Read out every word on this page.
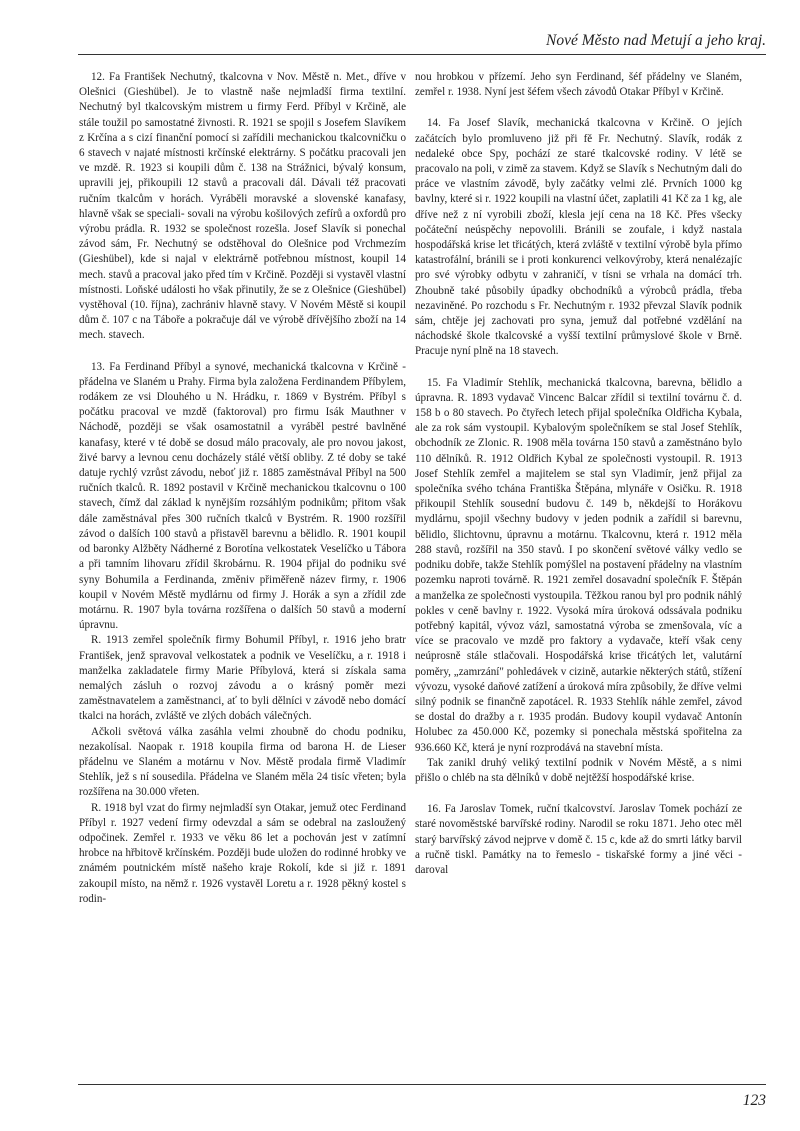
Nové Město nad Metují a jeho kraj.

12. Fa František Nechutný, tkalcovna v Nov. Městě n. Met., dříve v Olešnici (Gieshübel). Je to vlastně naše nejmladší firma textilní. Nechutný byl tkalcovským mistrem u firmy Ferd. Příbyl v Krčině, ale stále toužil po samostatné živnosti. R. 1921 se spojil s Josefem Slavíkem z Krčína a s cizí finanční pomocí si zařídili mechanickou tkalcovničku o 6 stavech v najaté místnosti krčínské elektrárny. S počátku pracovali jen ve mzdě. R. 1923 si koupili dům č. 138 na Strážnici, bývalý konsum, upravili jej, přikoupili 12 stavů a pracovali dál. Dávali též pracovati ručním tkalcům v horách. Vyráběli moravské a slovenské kanafasy, hlavně však se speciali- sovali na výrobu košilových zefírů a oxfordů pro výrobu prádla. R. 1932 se společnost rozešla. Josef Slavík si ponechal závod sám, Fr. Nechutný se odstěhoval do Olešnice pod Vrchmezím (Gieshübel), kde si najal v elektrárně potřebnou místnost, koupil 14 mech. stavů a pracoval jako před tím v Krčině. Později si vystavěl vlastní místnosti. Loňské události ho však přinutily, že se z Olešnice (Gieshübel) vystěhoval (10. října), zachrániv hlavně stavy. V Novém Městě si koupil dům č. 107 c na Táboře a pokračuje dál ve výrobě dřívějšího zboží na 14 mech. stavech.

13. Fa Ferdinand Příbyl a synové, mechanická tkalcovna v Krčině - přádelna ve Slaném u Prahy. Firma byla založena Ferdinandem Příbylem, rodákem ze vsi Dlouhého u N. Hrádku, r. 1869 v Bystrém. Příbyl s počátku pracoval ve mzdě (faktoroval) pro firmu Isák Mauthner v Náchodě, později se však osamostatnil a vyráběl pestré bavlněné kanafasy, které v té době se dosud málo pracovaly, ale pro novou jakost, živé barvy a levnou cenu docházely stálé větší obliby. Z té doby se také datuje rychlý vzrůst závodu, neboť již r. 1885 zaměstnával Příbyl na 500 ručních tkalců. R. 1892 postavil v Krčině mechanickou tkalcovnu o 100 stavech, čímž dal základ k nynějším rozsáhlým podnikům; přitom však dále zaměstnával přes 300 ručních tkalců v Bystrém. R. 1900 rozšířil závod o dalších 100 stavů a přistavěl barevnu a bělidlo. R. 1901 koupil od baronky Alžběty Nádherné z Borotína velkostatek Veselíčko u Tábora a při tamním lihovaru zřídil škrobárnu. R. 1904 přijal do podniku své syny Bohumila a Ferdinanda, změniv přiměřeně název firmy, r. 1906 koupil v Novém Městě mydlárnu od firmy J. Horák a syn a zřídil zde motárnu. R. 1907 byla továrna rozšířena o dalších 50 stavů a moderní úpravnu.

R. 1913 zemřel společník firmy Bohumil Příbyl, r. 1916 jeho bratr František, jenž spravoval velkostatek a podnik ve Veselíčku, a r. 1918 i manželka zakladatele firmy Marie Příbylová, která si získala sama nemalých zásluh o rozvoj závodu a o krásný poměr mezi zaměstnavatelem a zaměstnanci, ať to byli dělníci v závodě nebo domácí tkalci na horách, zvláště ve zlých dobách válečných.

Ačkoli světová válka zasáhla velmi zhoubně do chodu podniku, nezakolísal. Naopak r. 1918 koupila firma od barona H. de Lieser přádelnu ve Slaném a motárnu v Nov. Městě prodala firmě Vladimír Stehlík, jež s ní sousedila. Přádelna ve Slaném měla 24 tisíc vřeten; byla rozšířena na 30.000 vřeten.

R. 1918 byl vzat do firmy nejmladší syn Otakar, jemuž otec Ferdinand Příbyl r. 1927 vedení firmy odevzdal a sám se odebral na zasloužený odpočinek. Zemřel r. 1933 ve věku 86 let a pochován jest v zatímní hrobce na hřbitově krčínském. Později bude uložen do rodinné hrobky ve známém poutnickém místě našeho kraje Rokolí, kde si již r. 1891 zakoupil místo, na němž r. 1926 vystavěl Loretu a r. 1928 pěkný kostel s rodin-

nou hrobkou v přízemí. Jeho syn Ferdinand, šéf přádelny ve Slaném, zemřel r. 1938. Nyní jest šéfem všech závodů Otakar Příbyl v Krčině.

14. Fa Josef Slavík, mechanická tkalcovna v Krčině. O jejích začátcích bylo promluveno již při fě Fr. Nechutný. Slavík, rodák z nedaleké obce Spy, pochází ze staré tkalcovské rodiny. V létě se pracovalo na poli, v zimě za stavem. Když se Slavík s Nechutným dali do práce ve vlastním závodě, byly začátky velmi zlé. Prvních 1000 kg bavlny, které si r. 1922 koupili na vlastní účet, zaplatili 41 Kč za 1 kg, ale dříve než z ní vyrobili zboží, klesla její cena na 18 Kč. Přes všecky počáteční neúspěchy nepovolili. Bránili se zoufale, i když nastala hospodářská krise let třicátých, která zvláště v textilní výrobě byla přímo katastrofální, bránili se i proti konkurenci velkovýroby, která nenalézajíc pro své výrobky odbytu v zahraničí, v tísni se vrhala na domácí trh. Zhoubně také působily úpadky obchodníků a výrobců prádla, třeba nezaviněné. Po rozchodu s Fr. Nechutným r. 1932 převzal Slavík podnik sám, chtěje jej zachovati pro syna, jemuž dal potřebné vzdělání na náchodské škole tkalcovské a vyšší textilní průmyslové škole v Brně. Pracuje nyní plně na 18 stavech.

15. Fa Vladimír Stehlík, mechanická tkalcovna, barevna, bělidlo a úpravna. R. 1893 vydavač Vincenc Balcar zřídil si textilní továrnu č. d. 158 b o 80 stavech. Po čtyřech letech přijal společníka Oldřicha Kybala, ale za rok sám vystoupil. Kybalovým společníkem se stal Josef Stehlík, obchodník ze Zlonic. R. 1908 měla továrna 150 stavů a zaměstnáno bylo 110 dělníků. R. 1912 Oldřich Kybal ze společnosti vystoupil. R. 1913 Josef Stehlík zemřel a majitelem se stal syn Vladimír, jenž přijal za společníka svého tchána Františka Štěpána, mlynáře v Osičku. R. 1918 přikoupil Stehlík sousední budovu č. 149 b, někdejší to Horákovu mydlárnu, spojil všechny budovy v jeden podnik a zařídil si barevnu, bělidlo, šlichtovnu, úpravnu a motárnu. Tkalcovnu, která r. 1912 měla 288 stavů, rozšířil na 350 stavů. I po skončení světové války vedlo se podniku dobře, takže Stehlík pomýšlel na postavení přádelny na vlastním pozemku naproti továrně. R. 1921 zemřel dosavadní společník F. Štěpán a manželka ze společnosti vystoupila. Těžkou ranou byl pro podnik náhlý pokles v ceně bavlny r. 1922. Vysoká míra úroková odssávala podniku potřebný kapitál, vývoz vázl, samostatná výroba se zmenšovala, víc a více se pracovalo ve mzdě pro faktory a vydavače, kteří však ceny neúprosně stále stlačovali. Hospodářská krise třicátých let, valutární poměry, „zamrzání" pohledávek v cizině, autarkie některých států, stížení vývozu, vysoké daňové zatížení a úroková míra způsobily, že dříve velmi silný podnik se finančně zapotácel. R. 1933 Stehlík náhle zemřel, závod se dostal do dražby a r. 1935 prodán. Budovy koupil vydavač Antonín Holubec za 450.000 Kč, pozemky si ponechala městská spořitelna za 936.660 Kč, která je nyní rozprodává na stavební místa.

Tak zanikl druhý veliký textilní podnik v Novém Městě, a s nimi přišlo o chléb na sta dělníků v době nejtěžší hospodářské krise.

16. Fa Jaroslav Tomek, ruční tkalcovství. Jaroslav Tomek pochází ze staré novoměstské barvířské rodiny. Narodil se roku 1871. Jeho otec měl starý barvířský závod nejprve v domě č. 15 c, kde až do smrti látky barvil a ručně tiskl. Památky na to řemeslo - tiskařské formy a jiné věci - daroval

123
